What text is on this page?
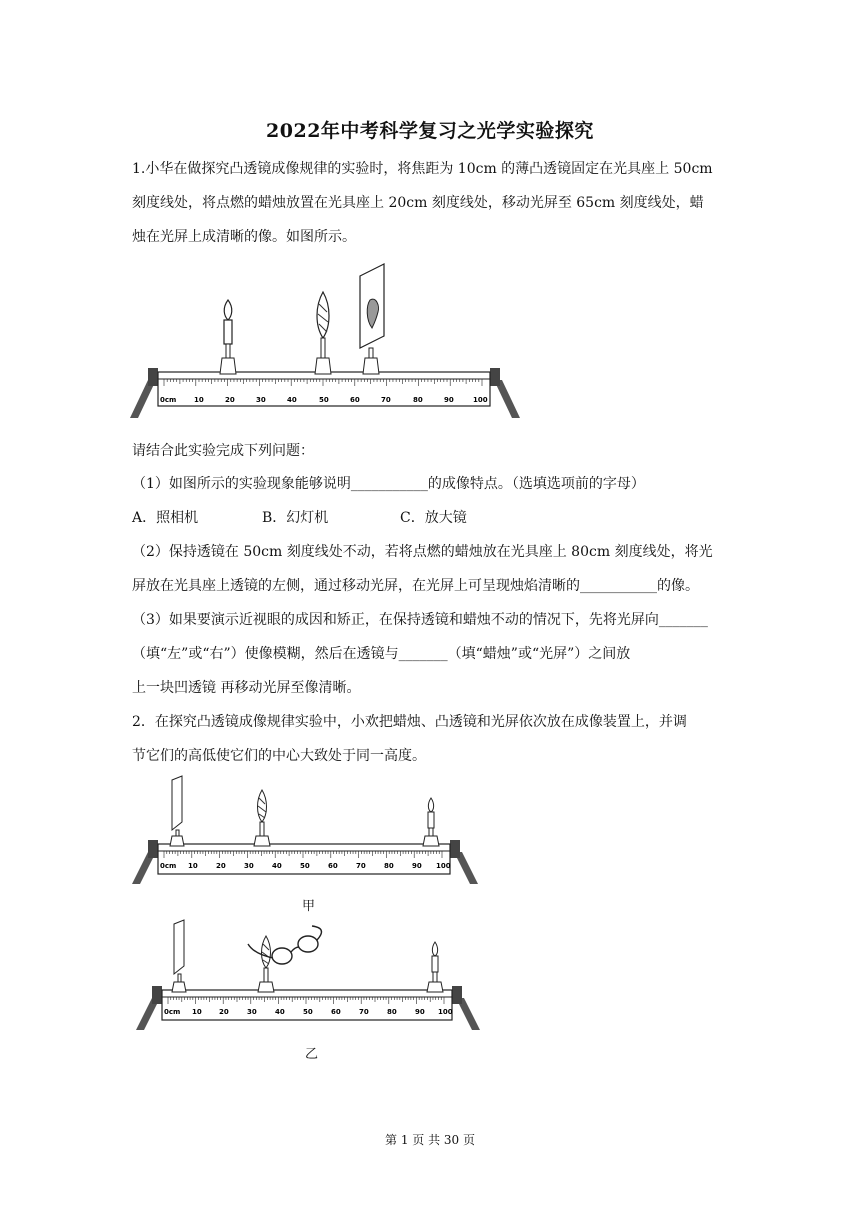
2022年中考科学复习之光学实验探究
1.小华在做探究凸透镜成像规律的实验时，将焦距为 10cm 的薄凸透镜固定在光具座上 50cm
刻度线处，将点燃的蜡烛放置在光具座上 20cm 刻度线处，移动光屏至 65cm 刻度线处，蜡
烛在光屏上成清晰的像。如图所示。
0cm	10	20	30	40	50	60	70	80	90	100
请结合此实验完成下列问题：
（1）如图所示的实验现象能够说明___________的成像特点。（选填选项前的字母）
A．照相机	B．幻灯机	C．放大镜
（2）保持透镜在 50cm 刻度线处不动，若将点燃的蜡烛放在光具座上 80cm 刻度线处，将光
屏放在光具座上透镜的左侧，通过移动光屏，在光屏上可呈现烛焰清晰的___________的像。
（3）如果要演示近视眼的成因和矫正，在保持透镜和蜡烛不动的情况下，先将光屏向_______
（填“左”或“右”）使像模糊，然后在透镜与_______（填“蜡烛”或“光屏”）之间放
上一块凹透镜 再移动光屏至像清晰。
2．在探究凸透镜成像规律实验中，小欢把蜡烛、凸透镜和光屏依次放在成像装置上，并调
节它们的高低使它们的中心大致处于同一高度。
0cm 10	20	30	40	50	60	70	80	90 100
甲
0cm 10 20	30	40	50	60	70	80	90 100
乙
第 1 页 共 30 页
